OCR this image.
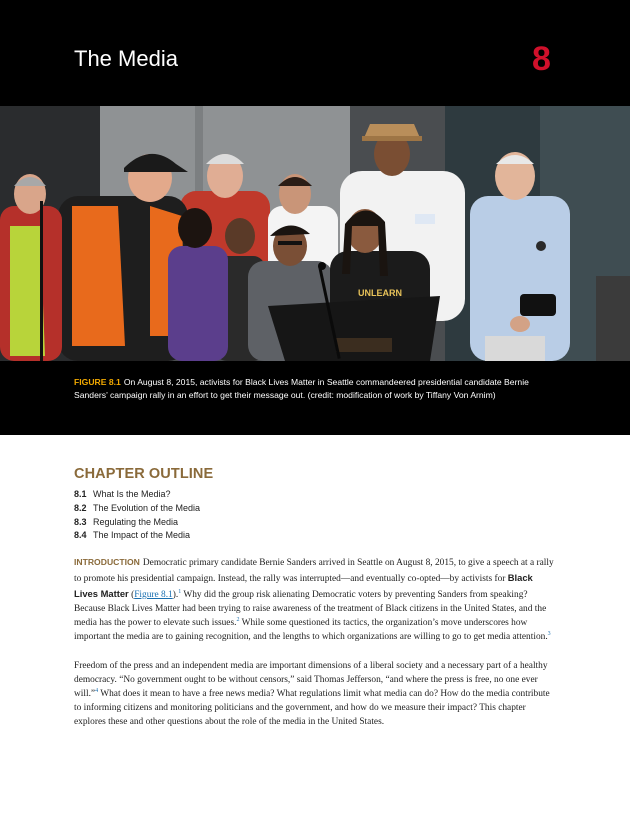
The Media	8
UNLEARN

FIGURE 8.1 On August 8, 2015, activists for Black Lives Matter in Seattle commandeered presidential candidate Bernie Sanders’ campaign rally in an effort to get their message out. (credit: modification of work by Tiffany Von Arnim)

CHAPTER OUTLINE
8.1 What Is the Media?
8.2 The Evolution of the Media
8.3 Regulating the Media
8.4 The Impact of the Media

INTRODUCTION Democratic primary candidate Bernie Sanders arrived in Seattle on August 8, 2015, to give a speech at a rally to promote his presidential campaign. Instead, the rally was interrupted—and eventually co-opted—by activists for Black Lives Matter (Figure 8.1).$^1$ Why did the group risk alienating Democratic voters by preventing Sanders from speaking? Because Black Lives Matter had been trying to raise awareness of the treatment of Black citizens in the United States, and the media has the power to elevate such issues.$^2$ While some questioned its tactics, the organization’s move underscores how important the media are to gaining recognition, and the lengths to which organizations are willing to go to get media attention.$^3$

Freedom of the press and an independent media are important dimensions of a liberal society and a necessary part of a healthy democracy. “No government ought to be without censors,” said Thomas Jefferson, “and where the press is free, no one ever will.”$^4$ What does it mean to have a free news media? What regulations limit what media can do? How do the media contribute to informing citizens and monitoring politicians and the government, and how do we measure their impact? This chapter explores these and other questions about the role of the media in the United States.
